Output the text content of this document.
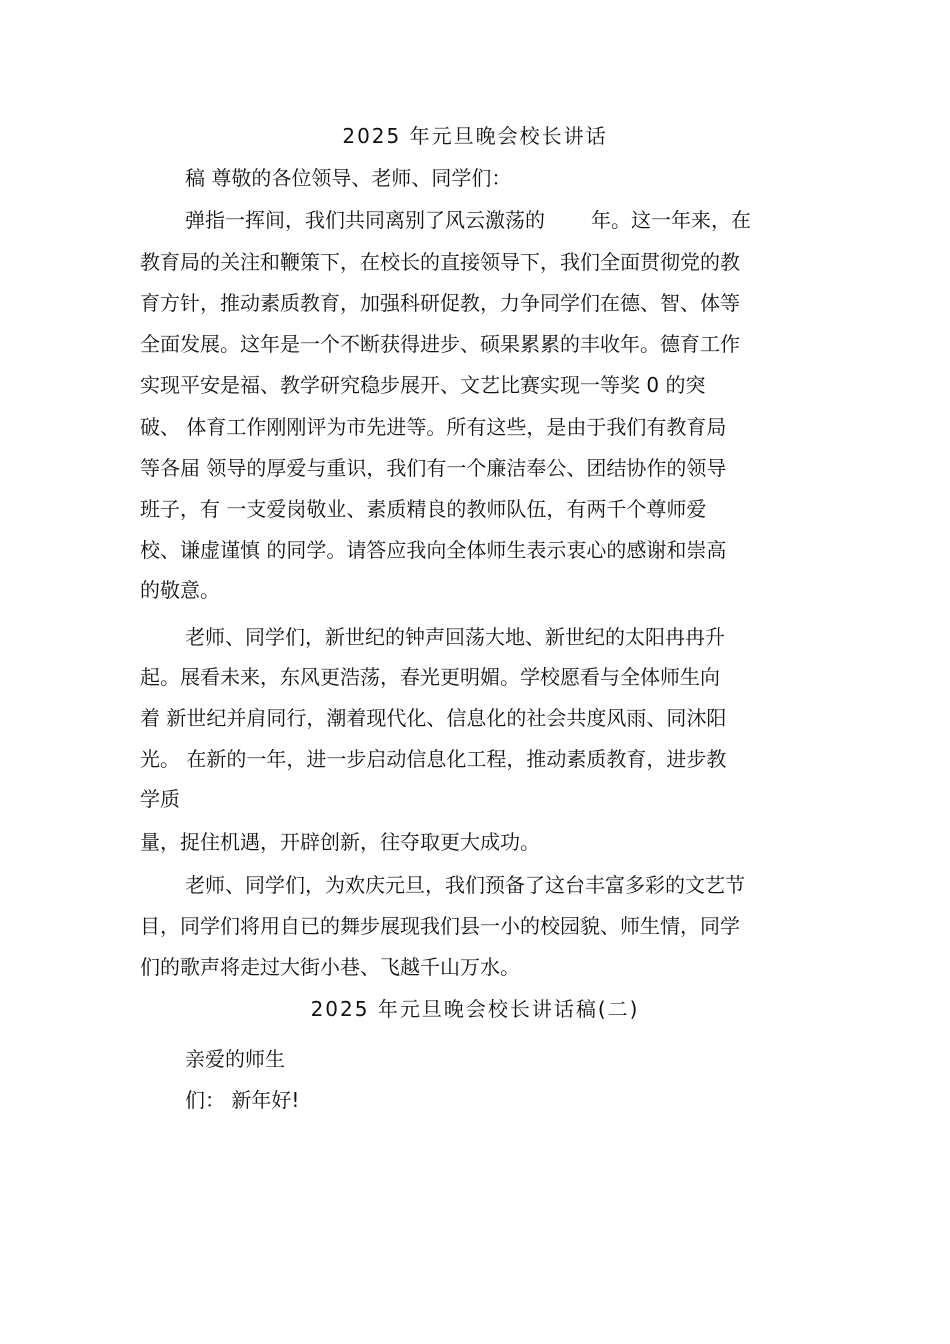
2025 年元旦晚会校长讲话
稿 尊敬的各位领导、老师、同学们：
弹指一挥间，我们共同离别了风云激荡的 年。这一年来，在
教育局的关注和鞭策下，在校长的直接领导下，我们全面贯彻党的教
育方针，推动素质教育，加强科研促教，力争同学们在德、智、体等
全面发展。这年是一个不断获得进步、硕果累累的丰收年。德育工作
实现平安是福、教学研究稳步展开、文艺比赛实现一等奖 0 的突
破、 体育工作刚刚评为市先进等。所有这些，是由于我们有教育局
等各届 领导的厚爱与重识，我们有一个廉洁奉公、团结协作的领导
班子，有 一支爱岗敬业、素质精良的教师队伍，有两千个尊师爱
校、谦虚谨慎 的同学。请答应我向全体师生表示衷心的感谢和崇高
的敬意。
老师、同学们，新世纪的钟声回荡大地、新世纪的太阳冉冉升
起。展看未来，东风更浩荡，春光更明媚。学校愿看与全体师生向
着 新世纪并肩同行，潮着现代化、信息化的社会共度风雨、同沐阳
光。 在新的一年，进一步启动信息化工程，推动素质教育，进步教
学质
量，捉住机遇，开辟创新，往夺取更大成功。
老师、同学们，为欢庆元旦，我们预备了这台丰富多彩的文艺节
目，同学们将用自已的舞步展现我们县一小的校园貌、师生情，同学
们的歌声将走过大街小巷、飞越千山万水。
2025 年元旦晚会校长讲话稿(二)
亲爱的师生
们： 新年好!
